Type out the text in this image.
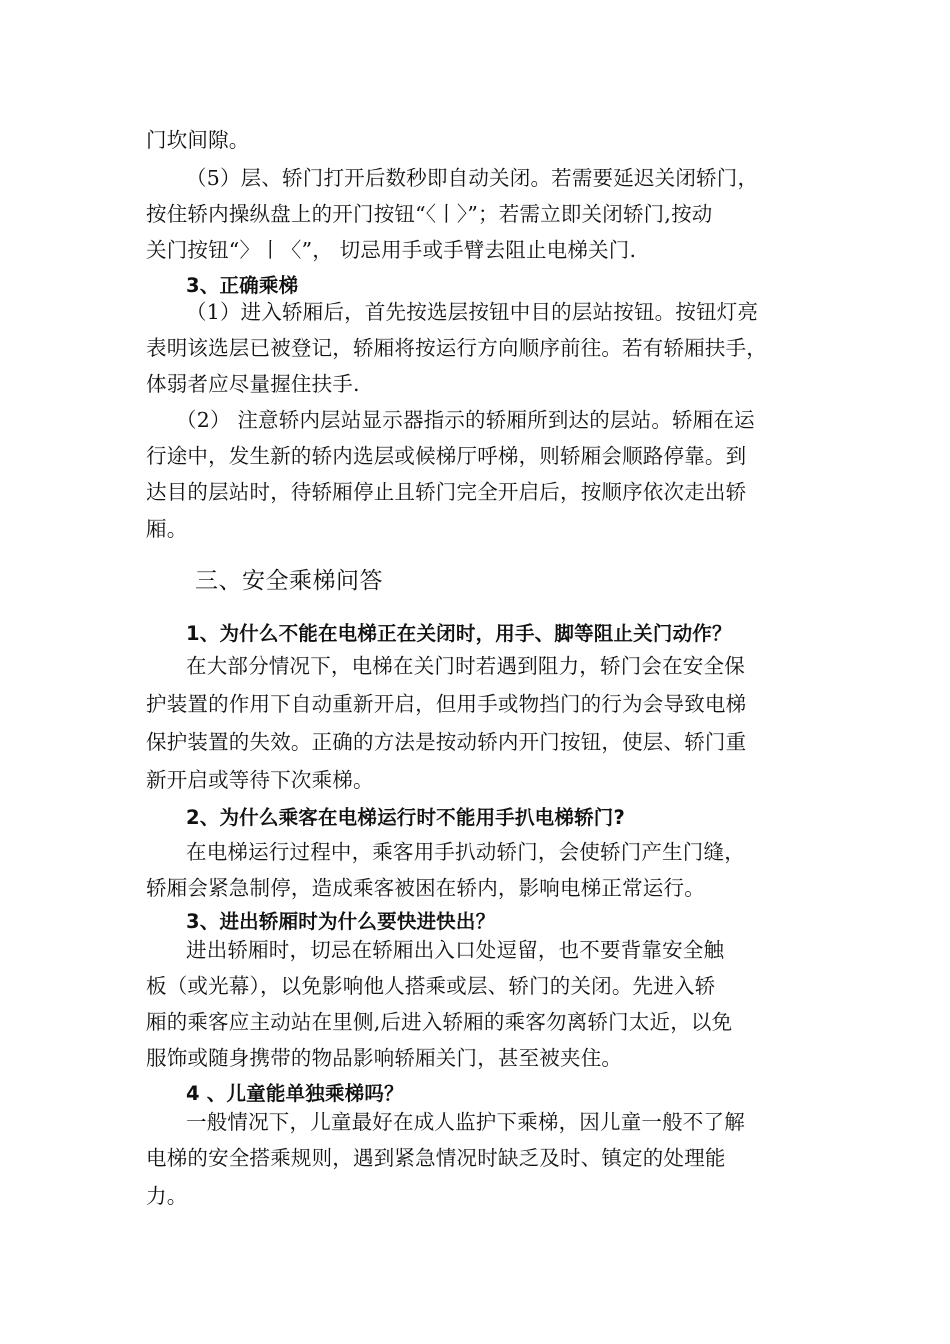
门坎间隙。
（5）层、轿门打开后数秒即自动关闭。若需要延迟关闭轿门，
按住轿内操纵盘上的开门按钮“〈丨〉”；若需立即关闭轿门,按动
关门按钮“〉丨〈”， 切忌用手或手臂去阻止电梯关门.
3、正确乘梯
（1）进入轿厢后，首先按选层按钮中目的层站按钮。按钮灯亮
表明该选层已被登记，轿厢将按运行方向顺序前往。若有轿厢扶手，
体弱者应尽量握住扶手.
（2） 注意轿内层站显示器指示的轿厢所到达的层站。轿厢在运
行途中，发生新的轿内选层或候梯厅呼梯，则轿厢会顺路停靠。到
达目的层站时，待轿厢停止且轿门完全开启后，按顺序依次走出轿
厢。
三、安全乘梯问答
1、为什么不能在电梯正在关闭时，用手、脚等阻止关门动作？
在大部分情况下，电梯在关门时若遇到阻力，轿门会在安全保
护装置的作用下自动重新开启，但用手或物挡门的行为会导致电梯
保护装置的失效。正确的方法是按动轿内开门按钮，使层、轿门重
新开启或等待下次乘梯。
2、为什么乘客在电梯运行时不能用手扒电梯轿门?
在电梯运行过程中，乘客用手扒动轿门，会使轿门产生门缝，
轿厢会紧急制停，造成乘客被困在轿内，影响电梯正常运行。
3、进出轿厢时为什么要快进快出？
进出轿厢时，切忌在轿厢出入口处逗留，也不要背靠安全触
板（或光幕），以免影响他人搭乘或层、轿门的关闭。先进入轿
厢的乘客应主动站在里侧,后进入轿厢的乘客勿离轿门太近，以免
服饰或随身携带的物品影响轿厢关门，甚至被夹住。
4 、儿童能单独乘梯吗？
一般情况下，儿童最好在成人监护下乘梯，因儿童一般不了解
电梯的安全搭乘规则，遇到紧急情况时缺乏及时、镇定的处理能
力。
